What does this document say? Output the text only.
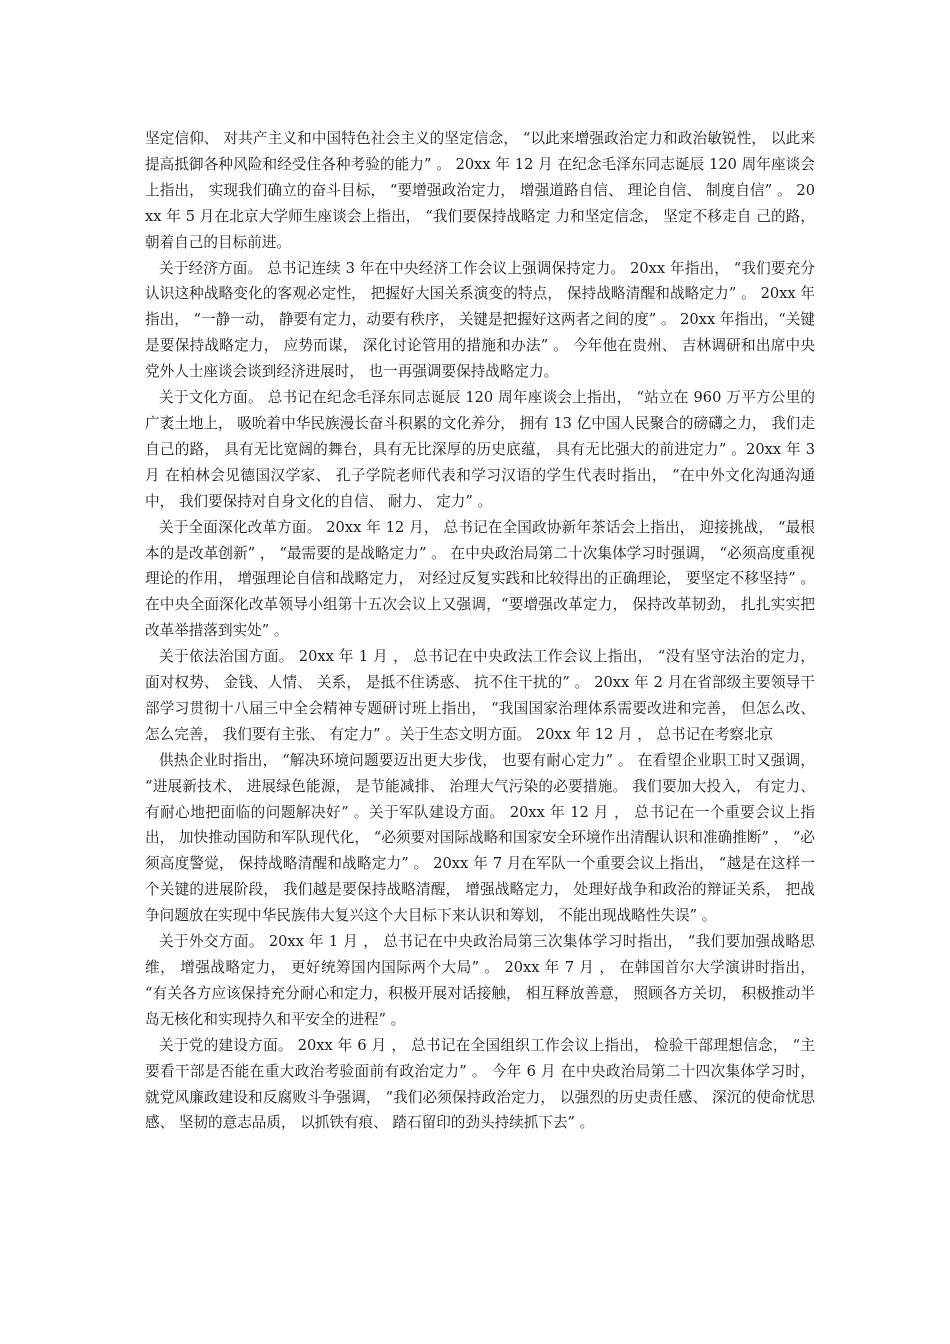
坚定信仰、 对共产主义和中国特色社会主义的坚定信念， “以此来增强政治定力和政治敏锐性， 以此来提高抵御各种风险和经受住各种考验的能力” 。 20xx 年 12 月 在纪念毛泽东同志诞辰 120 周年座谈会上指出， 实现我们确立的奋斗目标， “要增强政治定力， 增强道路自信、 理论自信、 制度自信” 。 20xx 年 5 月在北京大学师生座谈会上指出， “我们要保持战略定 力和坚定信念， 坚定不移走自 己的路， 朝着自己的目标前进。

关于经济方面。 总书记连续 3 年在中央经济工作会议上强调保持定力。 20xx 年指出， “我们要充分认识这种战略变化的客观必定性， 把握好大国关系演变的特点， 保持战略清醒和战略定力” 。 20xx 年指出， “一静一动， 静要有定力，动要有秩序， 关键是把握好这两者之间的度” 。 20xx 年指出，“关键是要保持战略定力， 应势而谋， 深化讨论管用的措施和办法” 。 今年他在贵州、 吉林调研和出席中央党外人士座谈会谈到经济进展时， 也一再强调要保持战略定力。

关于文化方面。 总书记在纪念毛泽东同志诞辰 120 周年座谈会上指出， “站立在 960 万平方公里的广袤土地上， 吸吮着中华民族漫长奋斗积累的文化养分， 拥有 13 亿中国人民聚合的磅礴之力， 我们走自己的路， 具有无比宽阔的舞台，具有无比深厚的历史底蕴， 具有无比强大的前进定力” 。20xx 年 3 月 在柏林会见德国汉学家、 孔子学院老师代表和学习汉语的学生代表时指出， “在中外文化沟通沟通中， 我们要保持对自身文化的自信、 耐力、 定力” 。

关于全面深化改革方面。 20xx 年 12 月， 总书记在全国政协新年茶话会上指出， 迎接挑战， “最根本的是改革创新” ， “最需要的是战略定力” 。 在中央政治局第二十次集体学习时强调， “必须高度重视理论的作用， 增强理论自信和战略定力， 对经过反复实践和比较得出的正确理论， 要坚定不移坚持” 。 在中央全面深化改革领导小组第十五次会议上又强调，“要增强改革定力， 保持改革韧劲， 扎扎实实把改革举措落到实处” 。

关于依法治国方面。 20xx 年 1 月 ， 总书记在中央政法工作会议上指出， “没有坚守法治的定力， 面对权势、 金钱、人情、 关系， 是抵不住诱惑、 抗不住干扰的” 。 20xx 年 2 月在省部级主要领导干部学习贯彻十八届三中全会精神专题研讨班上指出， “我国国家治理体系需要改进和完善， 但怎么改、 怎么完善， 我们要有主张、 有定力” 。关于生态文明方面。 20xx 年 12 月 ， 总书记在考察北京

供热企业时指出， “解决环境问题要迈出更大步伐， 也要有耐心定力” 。 在看望企业职工时又强调， “进展新技术、 进展绿色能源， 是节能减排、 治理大气污染的必要措施。 我们要加大投入， 有定力、 有耐心地把面临的问题解决好” 。关于军队建设方面。 20xx 年 12 月 ， 总书记在一个重要会议上指出， 加快推动国防和军队现代化， “必须要对国际战略和国家安全环境作出清醒认识和准确推断” ， “必须高度警觉， 保持战略清醒和战略定力” 。 20xx 年 7 月在军队一个重要会议上指出， “越是在这样一个关键的进展阶段， 我们越是要保持战略清醒， 增强战略定力， 处理好战争和政治的辩证关系， 把战争问题放在实现中华民族伟大复兴这个大目标下来认识和筹划， 不能出现战略性失误” 。

关于外交方面。 20xx 年 1 月 ， 总书记在中央政治局第三次集体学习时指出， “我们要加强战略思维， 增强战略定力， 更好统筹国内国际两个大局” 。 20xx 年 7 月 ， 在韩国首尔大学演讲时指出， “有关各方应该保持充分耐心和定力，积极开展对话接触， 相互释放善意， 照顾各方关切， 积极推动半岛无核化和实现持久和平安全的进程” 。

关于党的建设方面。 20xx 年 6 月 ， 总书记在全国组织工作会议上指出， 检验干部理想信念， “主要看干部是否能在重大政治考验面前有政治定力” 。 今年 6 月 在中央政治局第二十四次集体学习时， 就党风廉政建设和反腐败斗争强调， “我们必须保持政治定力， 以强烈的历史责任感、 深沉的使命忧思感、 坚韧的意志品质， 以抓铁有痕、 踏石留印的劲头持续抓下去” 。
